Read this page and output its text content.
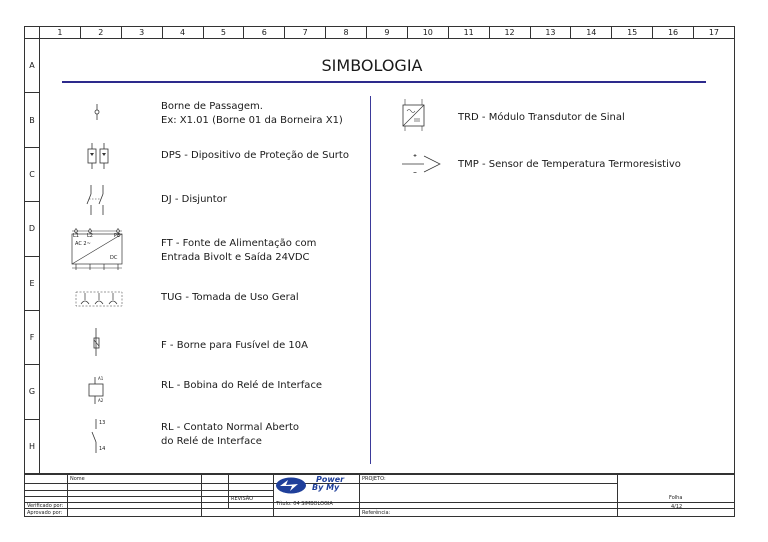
1	2	3	4	5	6	7	8	9	10	11	12	13	14	15	16	17
A
B
C
D
E
F
G
H
SIMBOLOGIA
Borne de Passagem.
Ex: X1.01 (Borne 01 da Borneira X1)
DPS - Dipositivo de Proteção de Surto
DJ - Disjuntor
L1 L2	PE
AC 2~
DC
FT - Fonte de Alimentação com
Entrada Bivolt e Saída 24VDC
TUG - Tomada de Uso Geral
F - Borne para Fusível de 10A
A1
A2
RL - Bobina do Relé de Interface
13
14
RL - Contato Normal Aberto
do Relé de Interface
TRD - Módulo Transdutor de Sinal
TMP - Sensor de Temperatura Termoresistivo
Nome
REVISÃO
Verificado por:
Aprovado por:
Título: 04 SIMBOLOGIA
PROJETO:
Referência:
Folha
4/12
Power
By My
